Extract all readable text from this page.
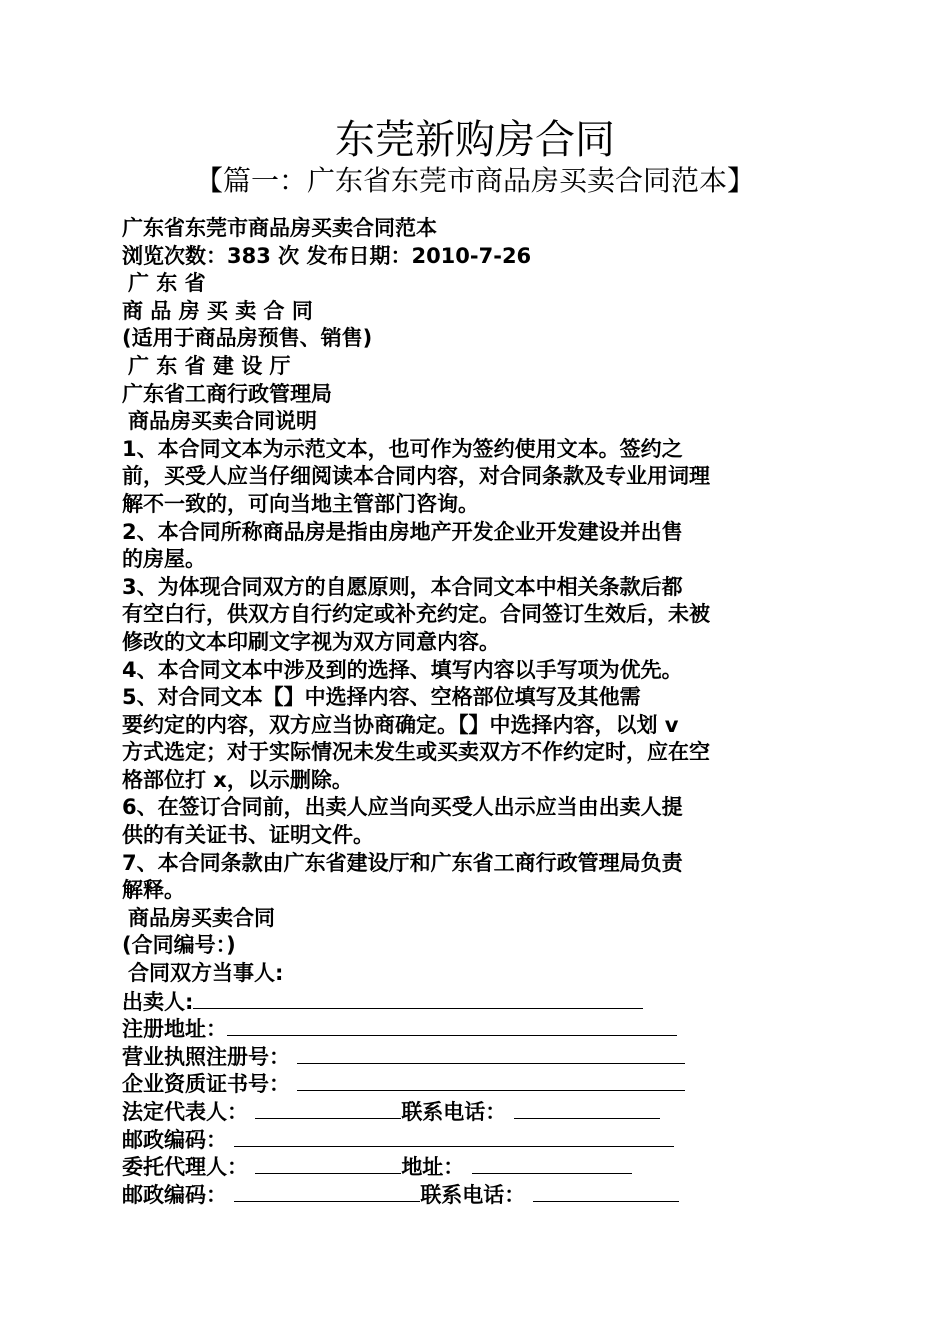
东莞新购房合同
【篇一：广东省东莞市商品房买卖合同范本】
广东省东莞市商品房买卖合同范本
浏览次数：383 次 发布日期：2010-7-26
广 东 省
商 品 房 买 卖 合 同
(适用于商品房预售、销售)
广 东 省 建 设 厅
广东省工商行政管理局
商品房买卖合同说明
1、本合同文本为示范文本，也可作为签约使用文本。签约之
前，买受人应当仔细阅读本合同内容，对合同条款及专业用词理
解不一致的，可向当地主管部门咨询。
2、本合同所称商品房是指由房地产开发企业开发建设并出售
的房屋。
3、为体现合同双方的自愿原则，本合同文本中相关条款后都
有空白行，供双方自行约定或补充约定。合同签订生效后，未被
修改的文本印刷文字视为双方同意内容。
4、本合同文本中涉及到的选择、填写内容以手写项为优先。
5、对合同文本【】中选择内容、空格部位填写及其他需
要约定的内容，双方应当协商确定。【】中选择内容，以划 v
方式选定；对于实际情况未发生或买卖双方不作约定时，应在空
格部位打 x，以示删除。
6、在签订合同前，出卖人应当向买受人出示应当由出卖人提
供的有关证书、证明文件。
7、本合同条款由广东省建设厅和广东省工商行政管理局负责
解释。
商品房买卖合同
(合同编号：)
合同双方当事人:
出卖人:
注册地址：
营业执照注册号：
企业资质证书号：
法定代表人：	联系电话：
邮政编码：
委托代理人：	地址：
邮政编码：	联系电话：
